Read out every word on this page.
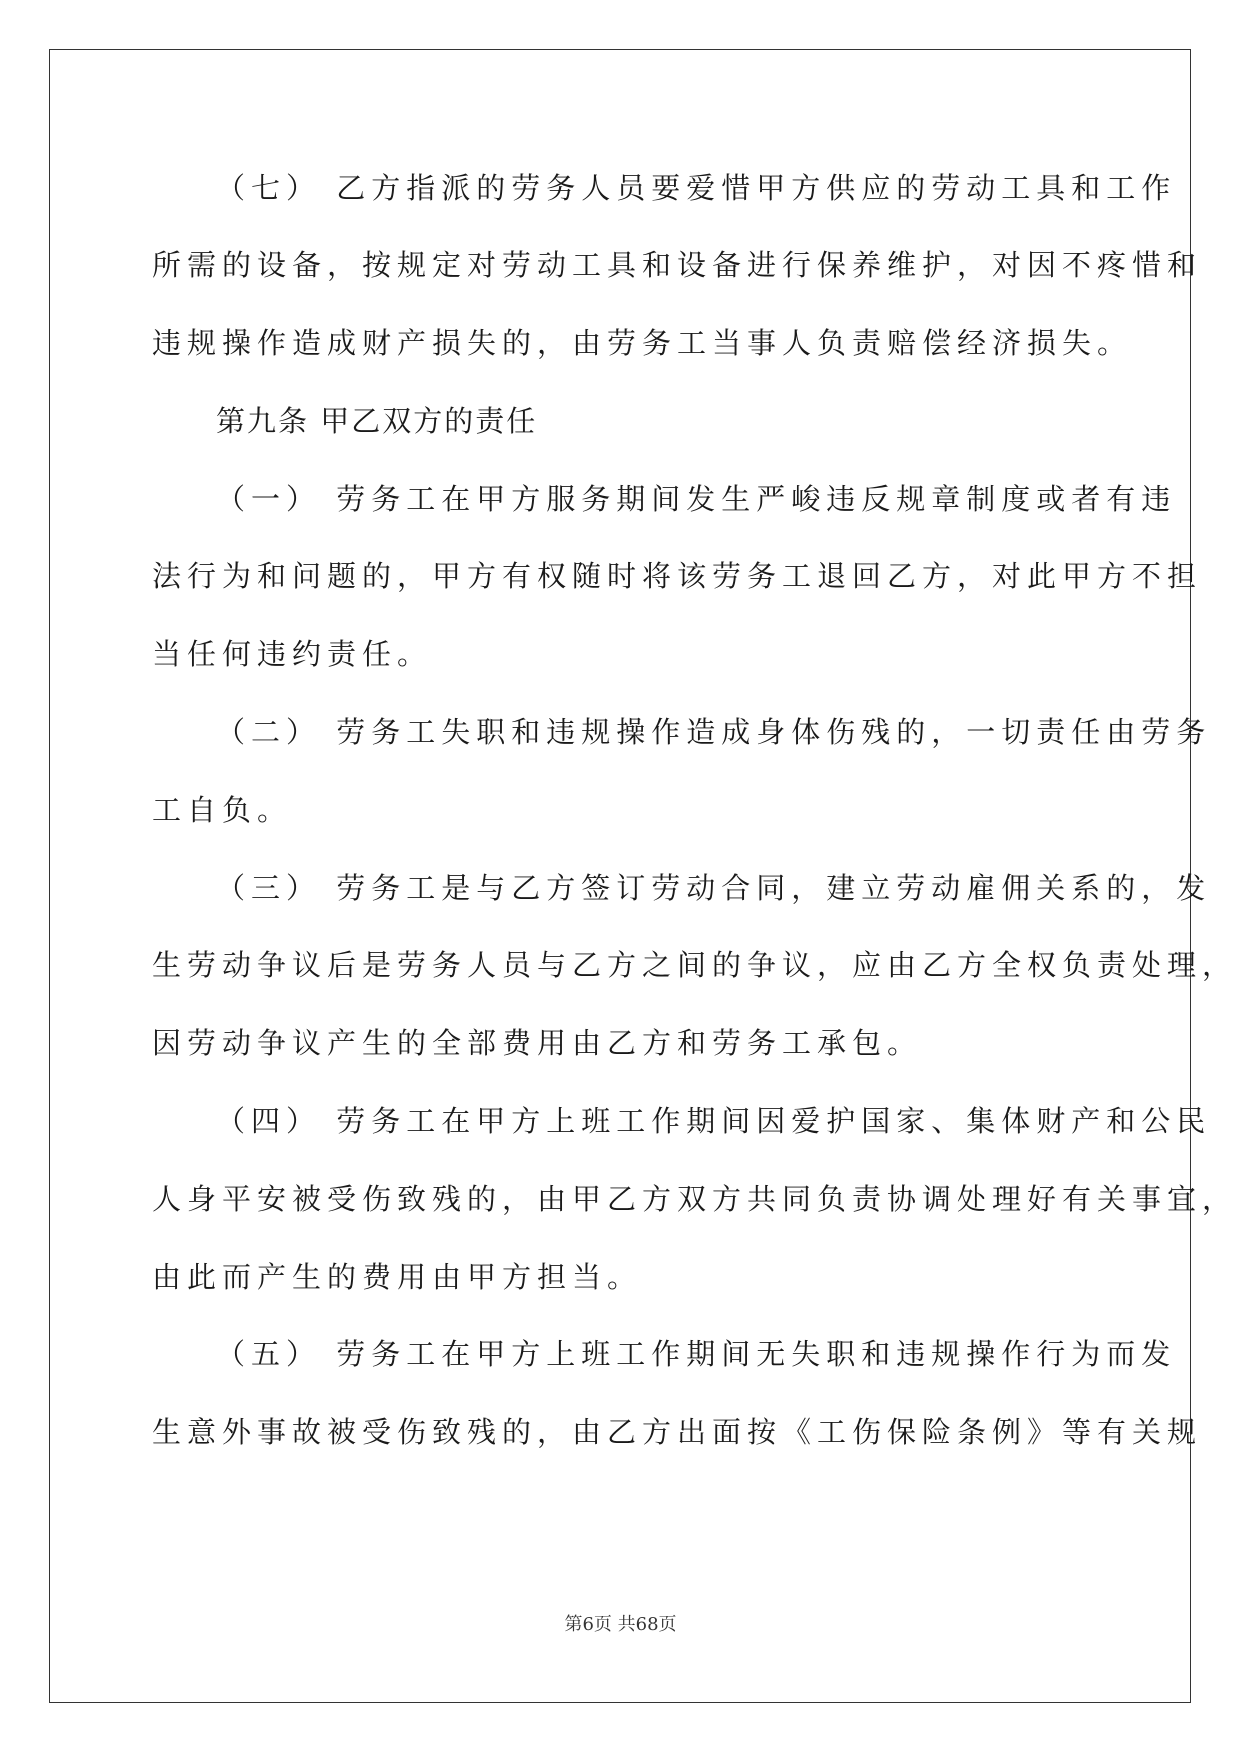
（七） 乙方指派的劳务人员要爱惜甲方供应的劳动工具和工作
所需的设备，按规定对劳动工具和设备进行保养维护，对因不疼惜和
违规操作造成财产损失的，由劳务工当事人负责赔偿经济损失。
第九条 甲乙双方的责任
（一） 劳务工在甲方服务期间发生严峻违反规章制度或者有违
法行为和问题的，甲方有权随时将该劳务工退回乙方，对此甲方不担
当任何违约责任。
（二） 劳务工失职和违规操作造成身体伤残的，一切责任由劳务
工自负。
（三） 劳务工是与乙方签订劳动合同，建立劳动雇佣关系的，发
生劳动争议后是劳务人员与乙方之间的争议，应由乙方全权负责处理，
因劳动争议产生的全部费用由乙方和劳务工承包。
（四） 劳务工在甲方上班工作期间因爱护国家、集体财产和公民
人身平安被受伤致残的，由甲乙方双方共同负责协调处理好有关事宜，
由此而产生的费用由甲方担当。
（五） 劳务工在甲方上班工作期间无失职和违规操作行为而发
生意外事故被受伤致残的，由乙方出面按《工伤保险条例》等有关规
第6页 共68页
